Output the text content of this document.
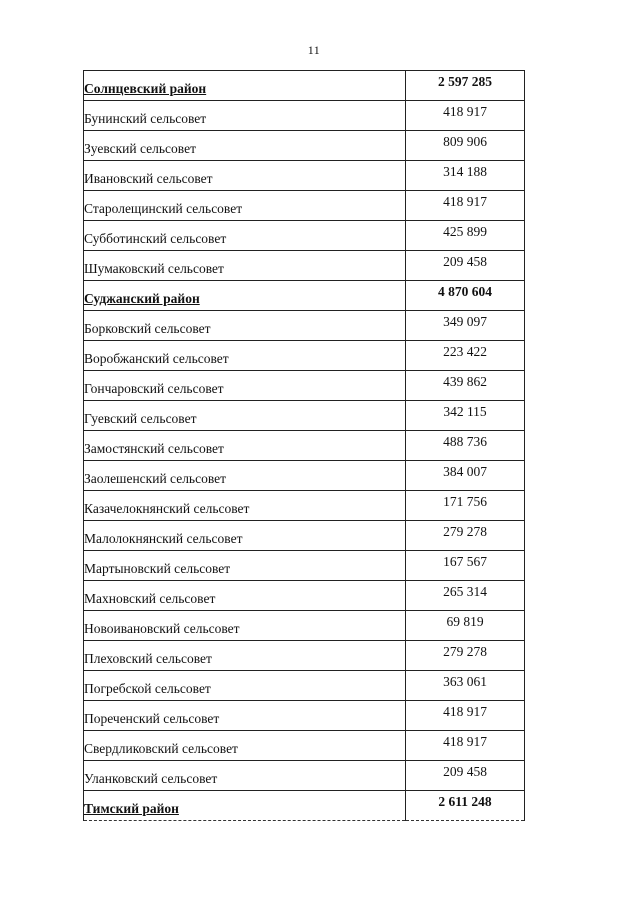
11
Солнцевский район	2 597 285
Бунинский сельсовет	418 917
Зуевский сельсовет	809 906
Ивановский сельсовет	314 188
Старолещинский сельсовет	418 917
Субботинский сельсовет	425 899
Шумаковский сельсовет	209 458
Суджанский район	4 870 604
Борковский сельсовет	349 097
Воробжанский сельсовет	223 422
Гончаровский сельсовет	439 862
Гуевский сельсовет	342 115
Замостянский сельсовет	488 736
Заолешенский сельсовет	384 007
Казачелокнянский сельсовет	171 756
Малолокнянский сельсовет	279 278
Мартыновский сельсовет	167 567
Махновский сельсовет	265 314
Новоивановский сельсовет	69 819
Плеховский сельсовет	279 278
Погребской сельсовет	363 061
Пореченский сельсовет	418 917
Свердликовский сельсовет	418 917
Уланковский сельсовет	209 458
Тимский район	2 611 248
